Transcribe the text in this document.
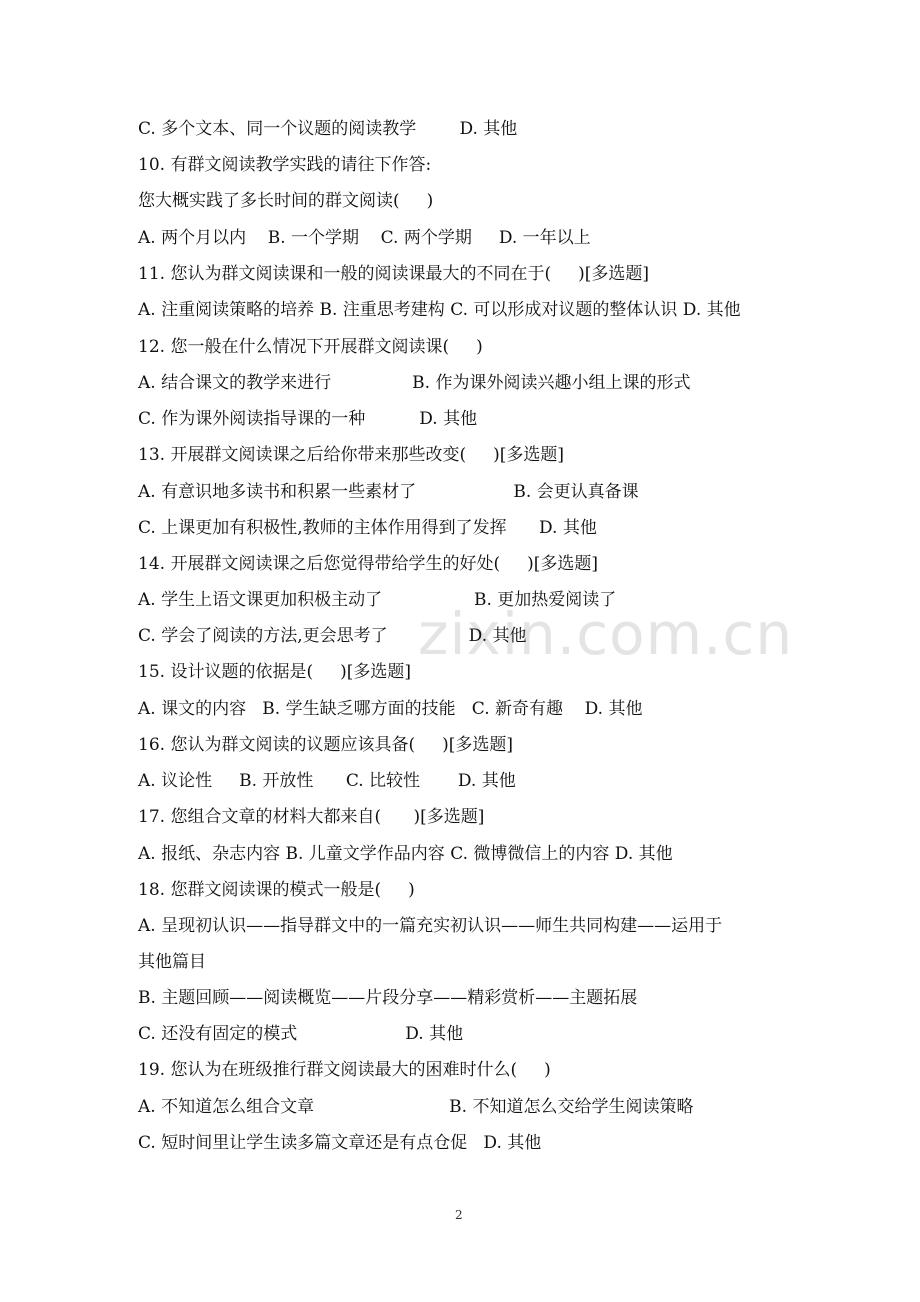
zixin.com.cn

C. 多个文本、同一个议题的阅读教学        D. 其他

10. 有群文阅读教学实践的请往下作答:

您大概实践了多长时间的群文阅读(     )

A. 两个月以内    B. 一个学期    C. 两个学期     D. 一年以上

11. 您认为群文阅读课和一般的阅读课最大的不同在于(     )[多选题]

A. 注重阅读策略的培养 B. 注重思考建构 C. 可以形成对议题的整体认识 D. 其他

12. 您一般在什么情况下开展群文阅读课(     )

A. 结合课文的教学来进行               B. 作为课外阅读兴趣小组上课的形式

C. 作为课外阅读指导课的一种          D. 其他

13. 开展群文阅读课之后给你带来那些改变(     )[多选题]

A. 有意识地多读书和积累一些素材了                  B. 会更认真备课

C. 上课更加有积极性,教师的主体作用得到了发挥      D. 其他

14. 开展群文阅读课之后您觉得带给学生的好处(     )[多选题]

A. 学生上语文课更加积极主动了                 B. 更加热爱阅读了

C. 学会了阅读的方法,更会思考了               D. 其他

15. 设计议题的依据是(     )[多选题]

A. 课文的内容   B. 学生缺乏哪方面的技能   C. 新奇有趣    D. 其他

16. 您认为群文阅读的议题应该具备(     )[多选题]

A. 议论性     B. 开放性      C. 比较性       D. 其他

17. 您组合文章的材料大都来自(      )[多选题]

A. 报纸、杂志内容 B. 儿童文学作品内容 C. 微博微信上的内容 D. 其他

18. 您群文阅读课的模式一般是(     )

A. 呈现初认识——指导群文中的一篇充实初认识——师生共同构建——运用于

其他篇目

B. 主题回顾——阅读概览——片段分享——精彩赏析——主题拓展

C. 还没有固定的模式                    D. 其他

19. 您认为在班级推行群文阅读最大的困难时什么(     )

A. 不知道怎么组合文章                         B. 不知道怎么交给学生阅读策略

C. 短时间里让学生读多篇文章还是有点仓促   D. 其他

2
